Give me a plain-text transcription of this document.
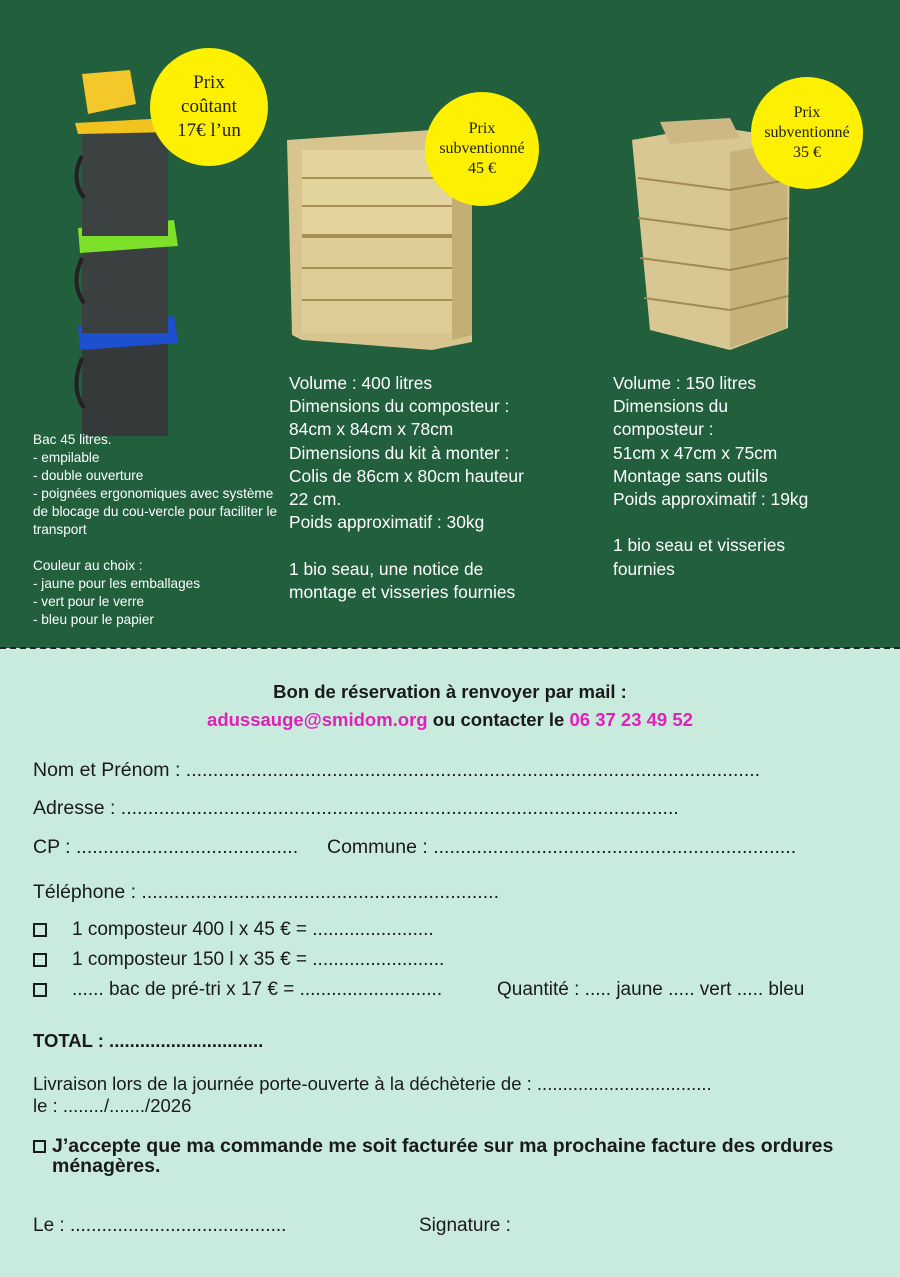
Prix
coûtant
17€ l’un	Prix
subventionné
45 €
Prix
subventionné
35 €
Bac 45 litres.
- empilable
- double ouverture
- poignées ergonomiques avec système de blocage du cou-vercle pour faciliter le transport

Couleur au choix :
- jaune pour les emballages
- vert pour le verre
- bleu pour le papier
Volume : 400 litres
Dimensions du composteur :
84cm x 84cm x 78cm
Dimensions du kit à monter :
Colis de 86cm x 80cm hauteur
22 cm.
Poids approximatif : 30kg

1 bio seau, une notice de
montage et visseries fournies
Volume : 150 litres
Dimensions du
composteur :
51cm x 47cm x 75cm
Montage sans outils
Poids approximatif : 19kg

1 bio seau et visseries
fournies
Bon de réservation à renvoyer par mail :
adussauge@smidom.org ou contacter le 06 37 23 49 52
Nom et Prénom : ..........................................................................................................
Adresse : .......................................................................................................
CP : ......................................... Commune : ...................................................................
Téléphone : ..................................................................
1 composteur 400 l x 45 € = .......................
1 composteur 150 l x 35 € = .........................
...... bac de pré-tri x 17 € = ...........................	Quantité : ..... jaune ..... vert ..... bleu
TOTAL : ..............................
Livraison lors de la journée porte-ouverte à la déchèterie de : ..................................
le : ......../......./2026
J’accepte que ma commande me soit facturée sur ma prochaine facture des ordures ménagères.
Le : .........................................	Signature :
